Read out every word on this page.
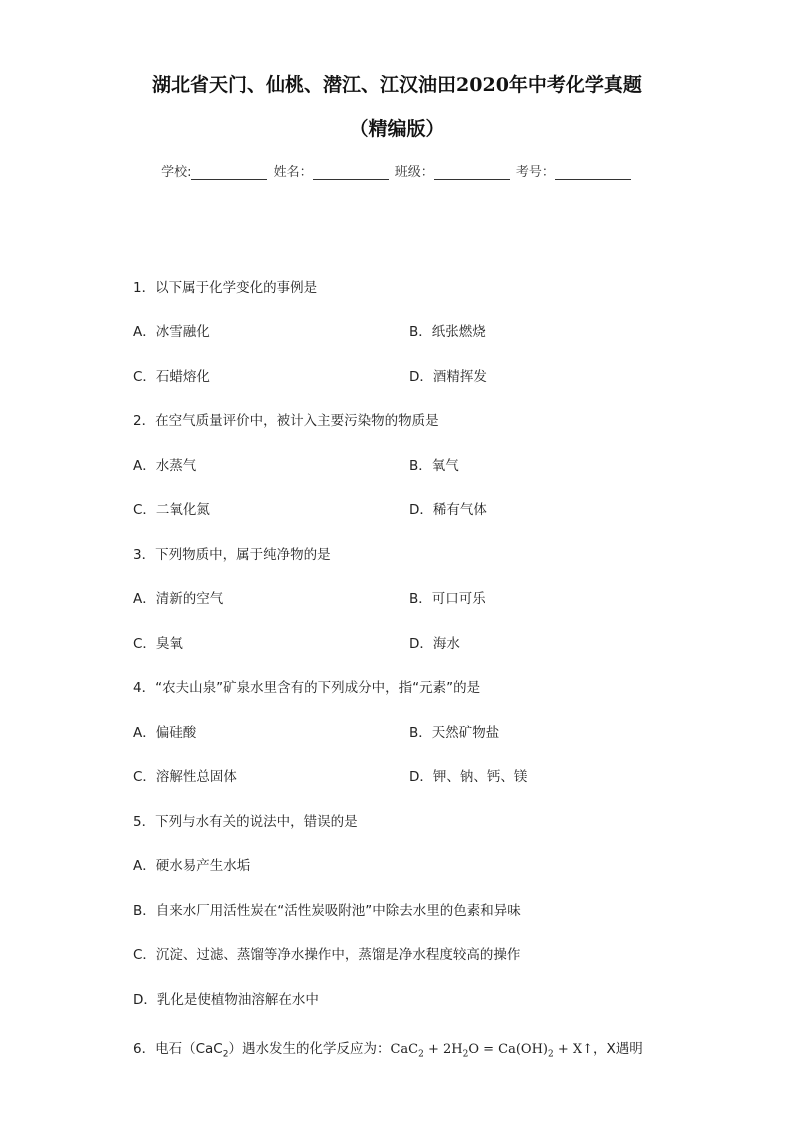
湖北省天门、仙桃、潜江、江汉油田2020年中考化学真题
（精编版）
学校:	姓名：	班级：	考号：
1．以下属于化学变化的事例是
A．冰雪融化	B．纸张燃烧
C．石蜡熔化	D．酒精挥发
2．在空气质量评价中，被计入主要污染物的物质是
A．水蒸气	B．氧气
C．二氧化氮	D．稀有气体
3．下列物质中，属于纯净物的是
A．清新的空气	B．可口可乐
C．臭氧	D．海水
4．“农夫山泉”矿泉水里含有的下列成分中，指“元素”的是
A．偏硅酸	B．天然矿物盐
C．溶解性总固体	D．钾、钠、钙、镁
5．下列与水有关的说法中，错误的是
A．硬水易产生水垢
B．自来水厂用活性炭在“活性炭吸附池”中除去水里的色素和异味
C．沉淀、过滤、蒸馏等净水操作中，蒸馏是净水程度较高的操作
D．乳化是使植物油溶解在水中
6．电石（CaC$_2$）遇水发生的化学反应为：$CaC_2 + 2H_2O = Ca(OH)_2$ + X↑，X遇明
